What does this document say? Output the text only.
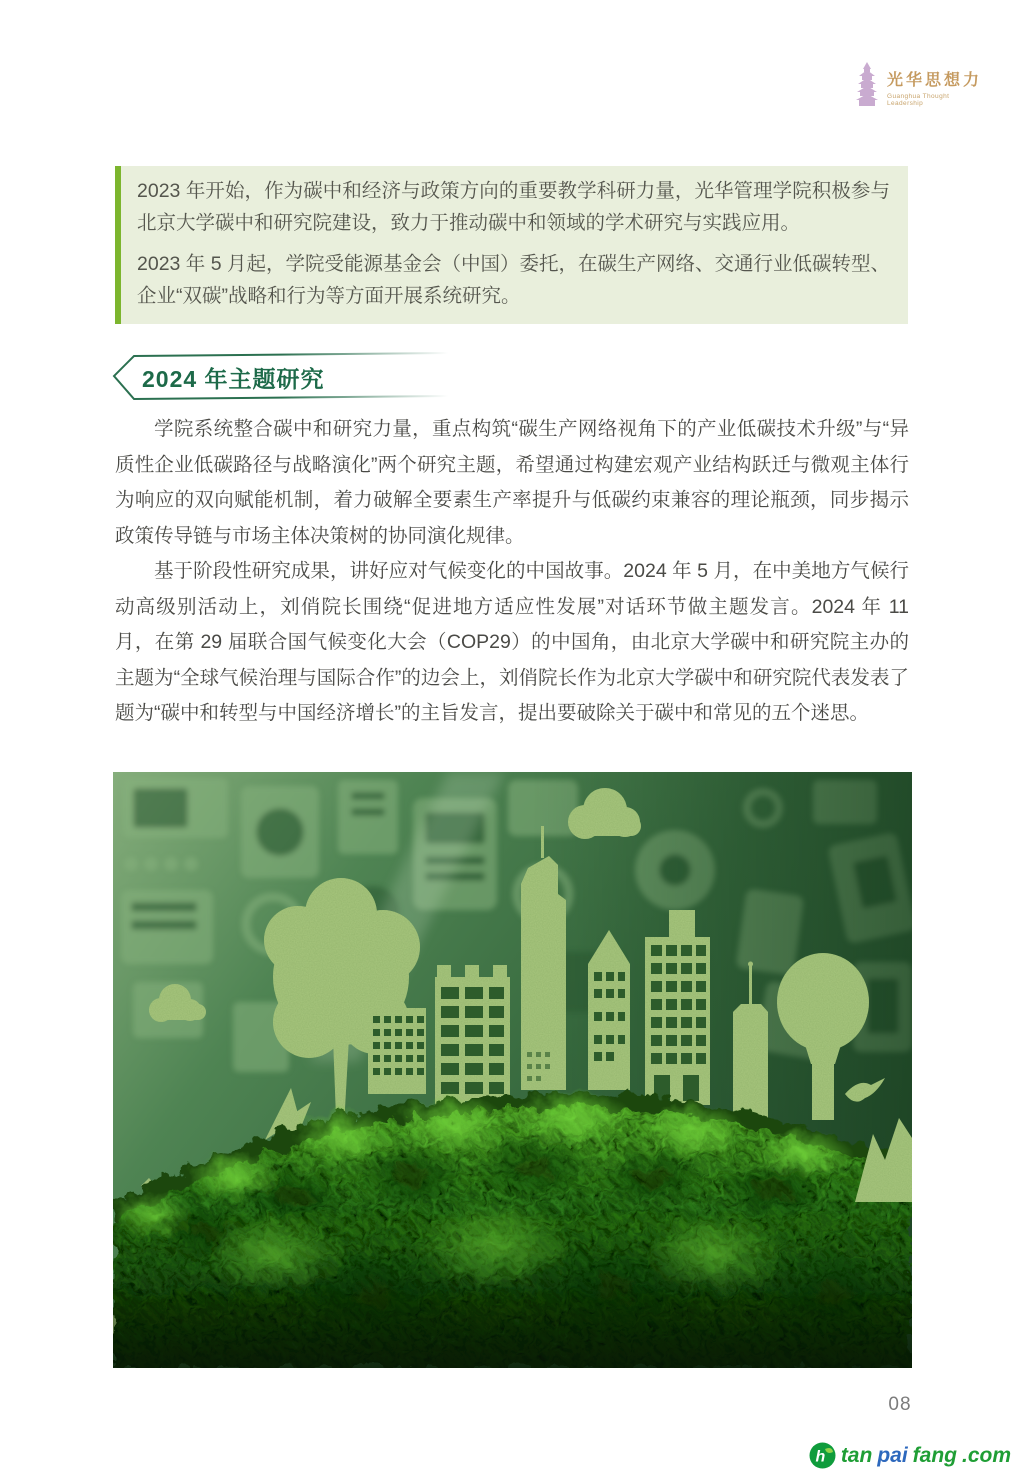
光华思想力
Guanghua Thought Leadership

2023 年开始，作为碳中和经济与政策方向的重要教学科研力量，光华管理学院积极参与北京大学碳中和研究院建设，致力于推动碳中和领域的学术研究与实践应用。

2023 年 5 月起，学院受能源基金会（中国）委托，在碳生产网络、交通行业低碳转型、企业“双碳”战略和行为等方面开展系统研究。

2024 年主题研究

学院系统整合碳中和研究力量，重点构筑“碳生产网络视角下的产业低碳技术升级”与“异质性企业低碳路径与战略演化”两个研究主题，希望通过构建宏观产业结构跃迁与微观主体行为响应的双向赋能机制，着力破解全要素生产率提升与低碳约束兼容的理论瓶颈，同步揭示政策传导链与市场主体决策树的协同演化规律。

基于阶段性研究成果，讲好应对气候变化的中国故事。2024 年 5 月，在中美地方气候行动高级别活动上，刘俏院长围绕“促进地方适应性发展”对话环节做主题发言。2024 年 11 月，在第 29 届联合国气候变化大会（COP29）的中国角，由北京大学碳中和研究院主办的主题为“全球气候治理与国际合作”的边会上，刘俏院长作为北京大学碳中和研究院代表发表了题为“碳中和转型与中国经济增长”的主旨发言，提出要破除关于碳中和常见的五个迷思。

08
h tan pai fang .com
